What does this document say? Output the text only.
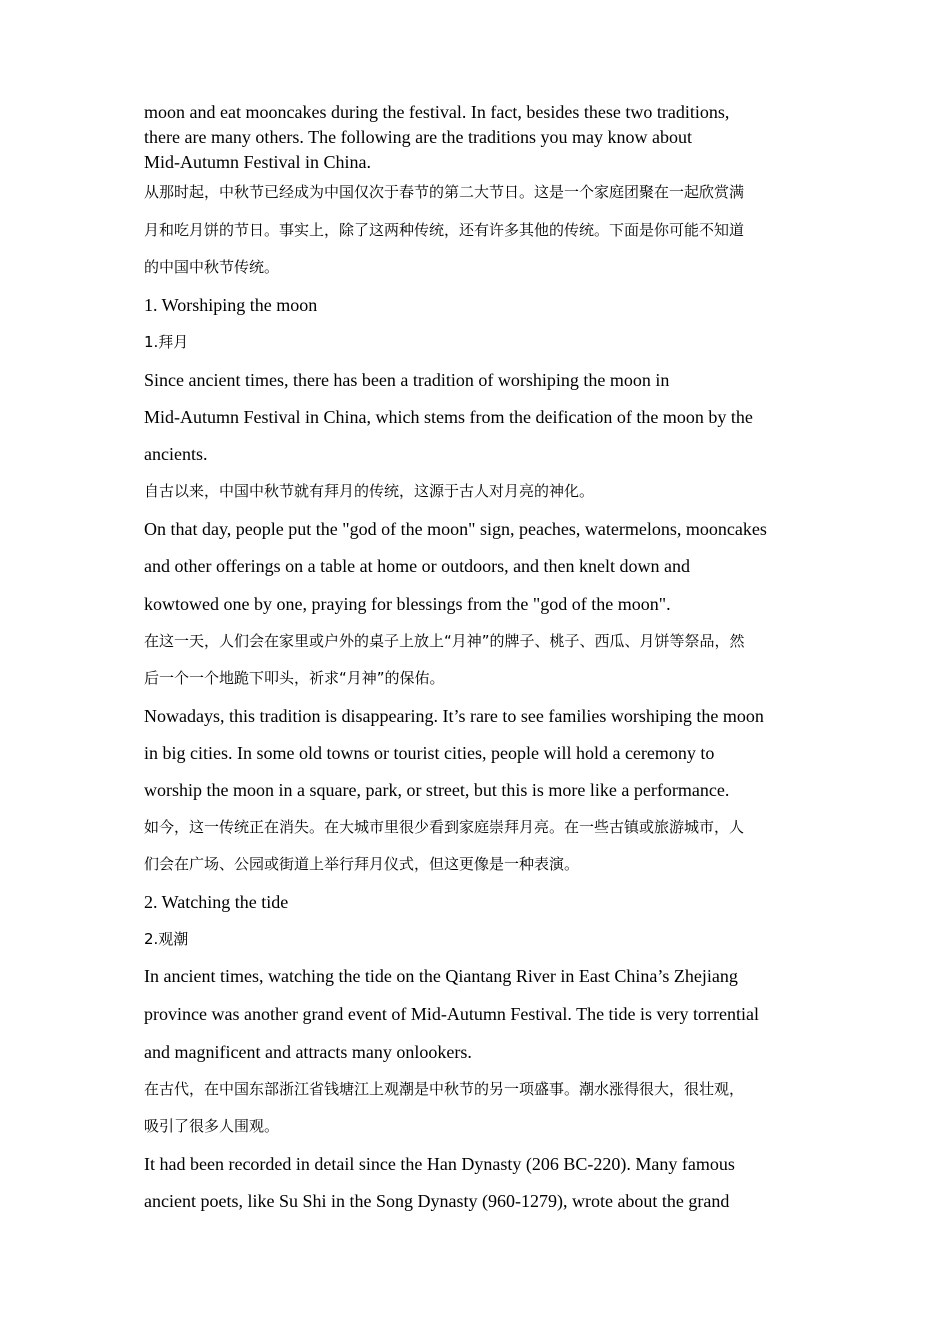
moon and eat mooncakes during the festival. In fact, besides these two traditions,
there are many others. The following are the traditions you may know about
Mid-Autumn Festival in China.
从那时起，中秋节已经成为中国仅次于春节的第二大节日。这是一个家庭团聚在一起欣赏满
月和吃月饼的节日。事实上，除了这两种传统，还有许多其他的传统。下面是你可能不知道
的中国中秋节传统。
1. Worshiping the moon
1.拜月
Since ancient times, there has been a tradition of worshiping the moon in
Mid-Autumn Festival in China, which stems from the deification of the moon by the
ancients.
自古以来，中国中秋节就有拜月的传统，这源于古人对月亮的神化。
On that day, people put the "god of the moon" sign, peaches, watermelons, mooncakes
and other offerings on a table at home or outdoors, and then knelt down and
kowtowed one by one, praying for blessings from the "god of the moon".
在这一天，人们会在家里或户外的桌子上放上“月神”的牌子、桃子、西瓜、月饼等祭品，然
后一个一个地跪下叩头，祈求“月神”的保佑。
Nowadays, this tradition is disappearing. It’s rare to see families worshiping the moon
in big cities. In some old towns or tourist cities, people will hold a ceremony to
worship the moon in a square, park, or street, but this is more like a performance.
如今，这一传统正在消失。在大城市里很少看到家庭崇拜月亮。在一些古镇或旅游城市，人
们会在广场、公园或街道上举行拜月仪式，但这更像是一种表演。
2. Watching the tide
2.观潮
In ancient times, watching the tide on the Qiantang River in East China’s Zhejiang
province was another grand event of Mid-Autumn Festival. The tide is very torrential
and magnificent and attracts many onlookers.
在古代，在中国东部浙江省钱塘江上观潮是中秋节的另一项盛事。潮水涨得很大，很壮观，
吸引了很多人围观。
It had been recorded in detail since the Han Dynasty (206 BC-220). Many famous
ancient poets, like Su Shi in the Song Dynasty (960-1279), wrote about the grand
